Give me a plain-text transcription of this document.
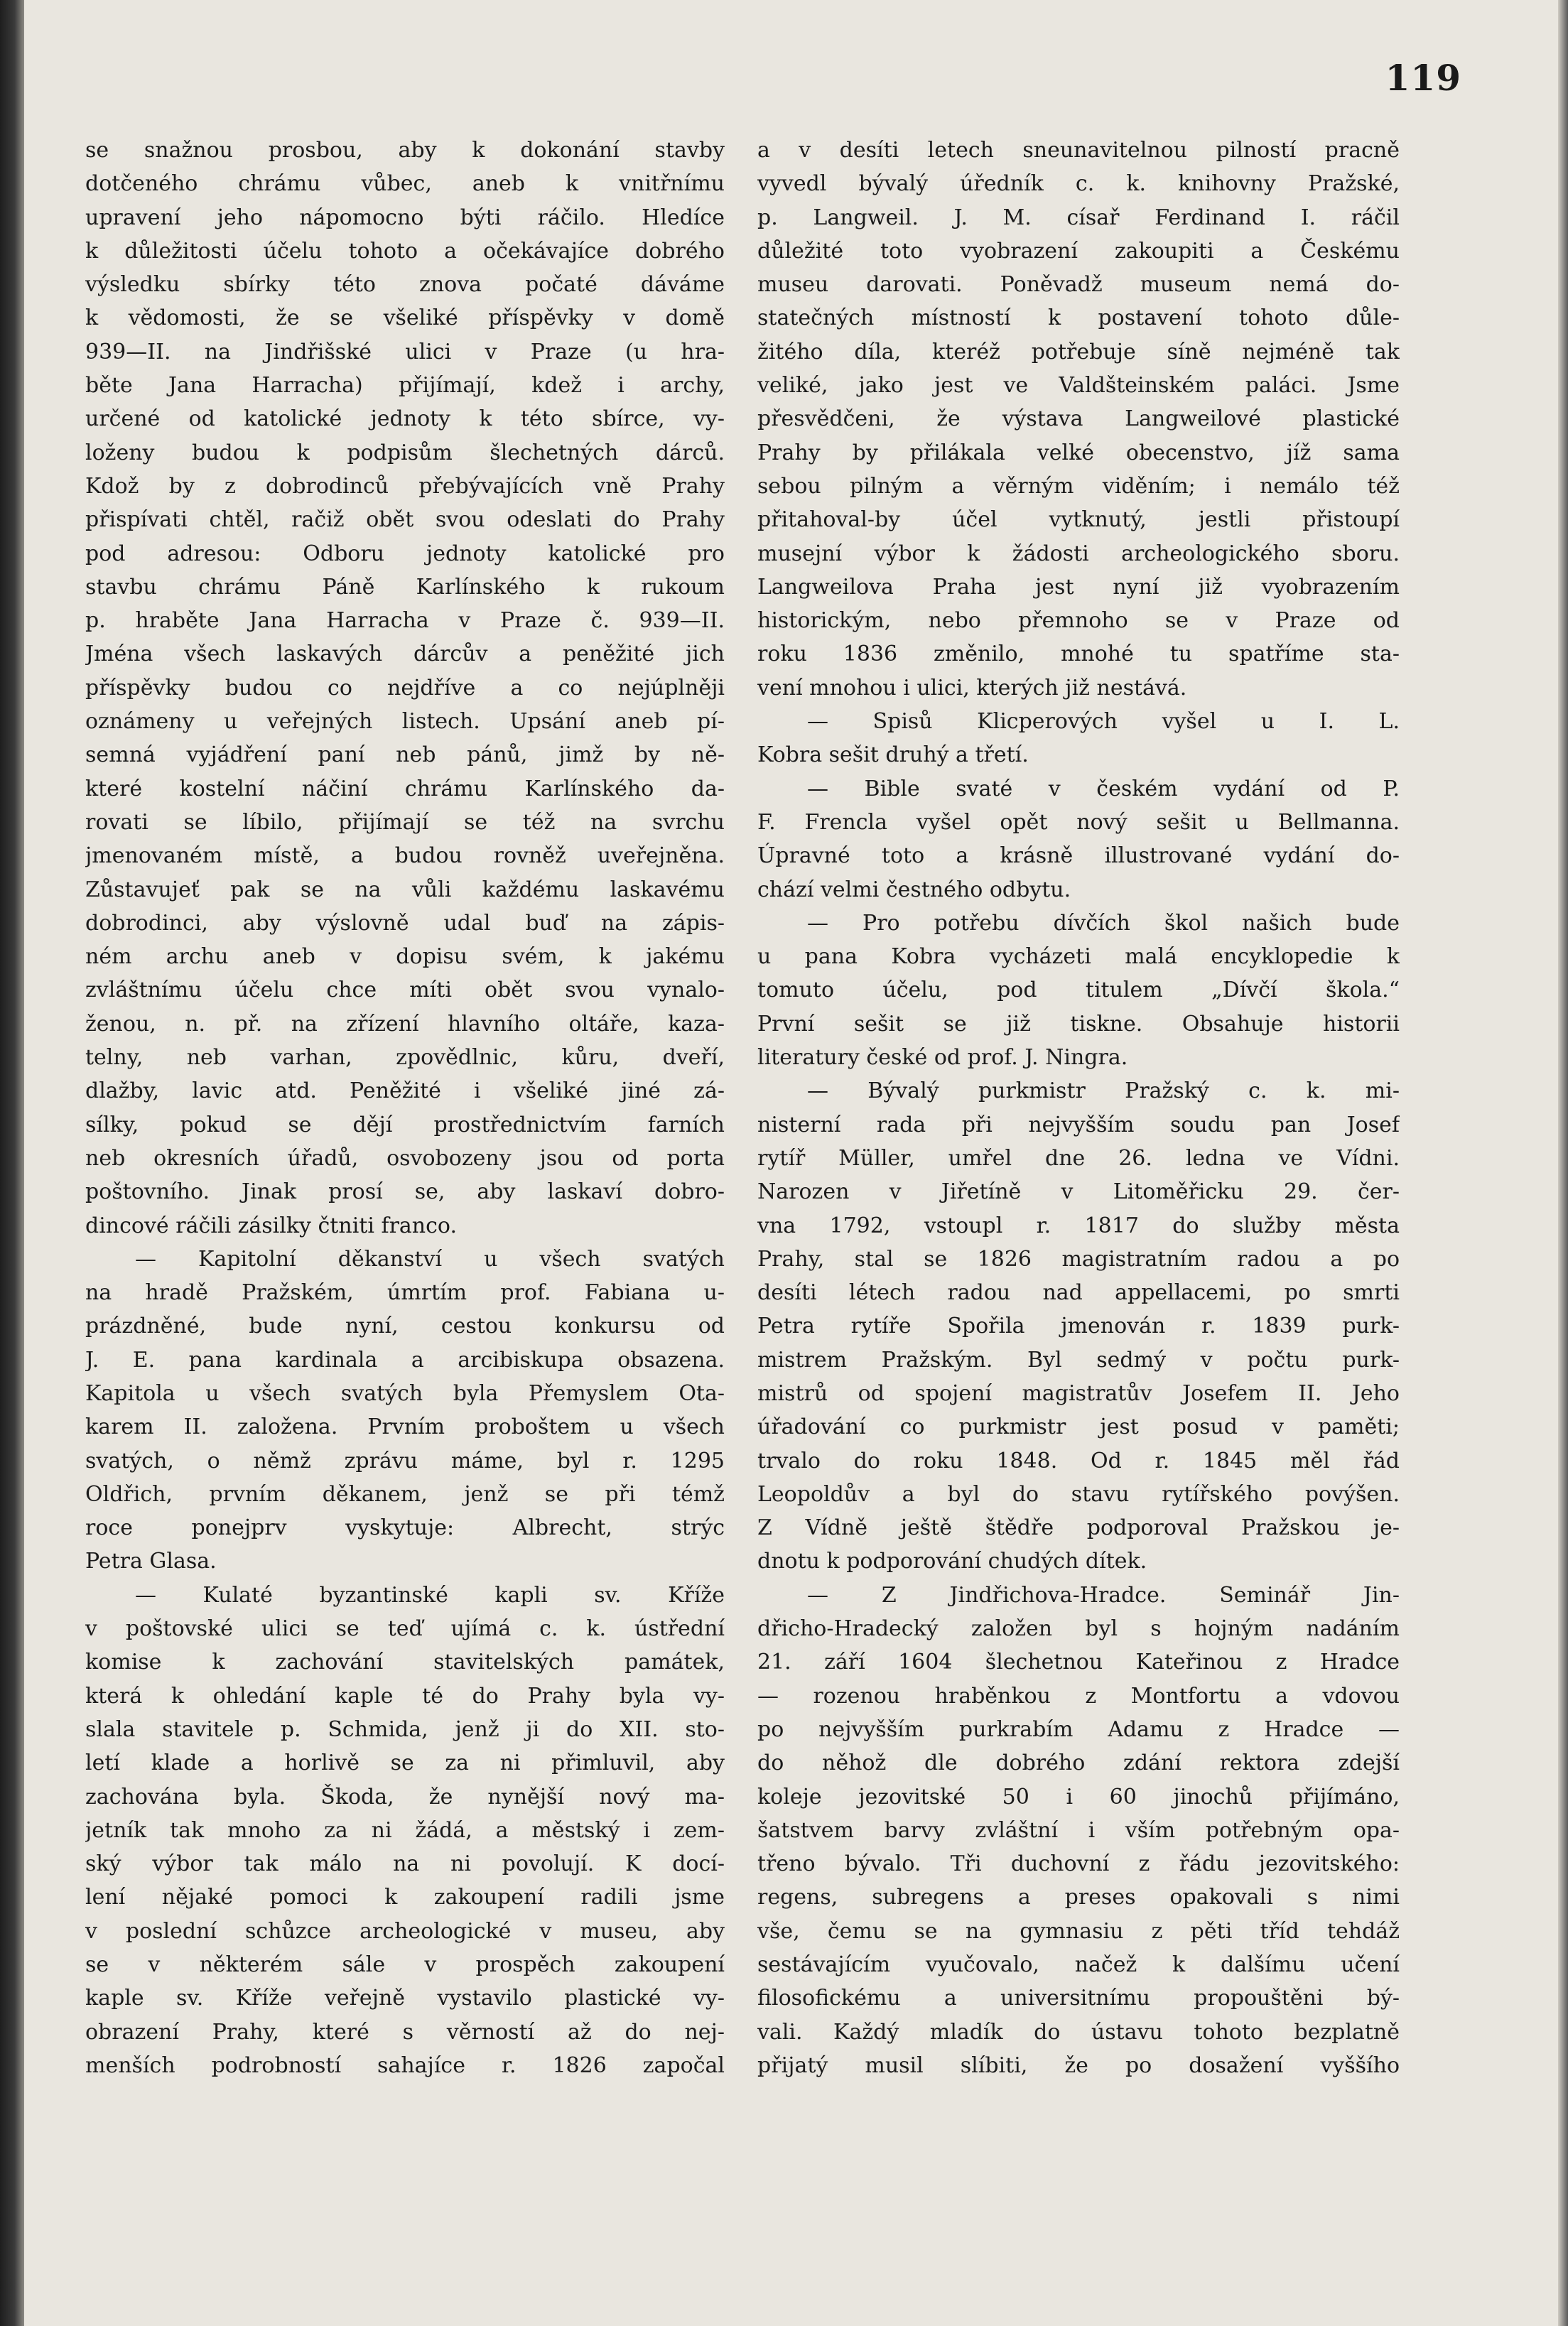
119

se snažnou prosbou, aby k dokonání stavby

dotčeného chrámu vůbec, aneb k vnitřnímu

upravení jeho nápomocno býti ráčilo. Hledíce

k důležitosti účelu tohoto a očekávajíce dobrého

výsledku sbírky této znova počaté dáváme

k vědomosti, že se všeliké příspěvky v domě

939—II. na Jindřišské ulici v Praze (u hra-

běte Jana Harracha) přijímají, kdež i archy,

určené od katolické jednoty k této sbírce, vy-

loženy budou k podpisům šlechetných dárců.

Kdož by z dobrodinců přebývajících vně Prahy

přispívati chtěl, račiž obět svou odeslati do Prahy

pod adresou: Odboru jednoty katolické pro

stavbu chrámu Páně Karlínského k rukoum

p. hraběte Jana Harracha v Praze č. 939—II.

Jména všech laskavých dárcův a peněžité jich

příspěvky budou co nejdříve a co nejúplněji

oznámeny u veřejných listech. Upsání aneb pí-

semná vyjádření paní neb pánů, jimž by ně-

které kostelní náčiní chrámu Karlínského da-

rovati se líbilo, přijímají se též na svrchu

jmenovaném místě, a budou rovněž uveřejněna.

Zůstavujeť pak se na vůli každému laskavému

dobrodinci, aby výslovně udal buď na zápis-

ném archu aneb v dopisu svém, k jakému

zvláštnímu účelu chce míti obět svou vynalo-

ženou, n. př. na zřízení hlavního oltáře, kaza-

telny, neb varhan, zpovědlnic, kůru, dveří,

dlažby, lavic atd. Peněžité i všeliké jiné zá-

sílky, pokud se dějí prostřednictvím farních

neb okresních úřadů, osvobozeny jsou od porta

poštovního. Jinak prosí se, aby laskaví dobro-

dincové ráčili zásilky čtniti franco.

— Kapitolní děkanství u všech svatých

na hradě Pražském, úmrtím prof. Fabiana u-

prázdněné, bude nyní, cestou konkursu od

J. E. pana kardinala a arcibiskupa obsazena.

Kapitola u všech svatých byla Přemyslem Ota-

karem II. založena. Prvním proboštem u všech

svatých, o němž zprávu máme, byl r. 1295

Oldřich, prvním děkanem, jenž se při témž

roce ponejprv vyskytuje: Albrecht, strýc

Petra Glasa.

— Kulaté byzantinské kapli sv. Kříže

v poštovské ulici se teď ujímá c. k. ústřední

komise k zachování stavitelských památek,

která k ohledání kaple té do Prahy byla vy-

slala stavitele p. Schmida, jenž ji do XII. sto-

letí klade a horlivě se za ni přimluvil, aby

zachována byla. Škoda, že nynější nový ma-

jetník tak mnoho za ni žádá, a městský i zem-

ský výbor tak málo na ni povolují. K docí-

lení nějaké pomoci k zakoupení radili jsme

v poslední schůzce archeologické v museu, aby

se v některém sále v prospěch zakoupení

kaple sv. Kříže veřejně vystavilo plastické vy-

obrazení Prahy, které s věrností až do nej-

menších podrobností sahajíce r. 1826 započal

a v desíti letech sneunavitelnou pilností pracně

vyvedl bývalý úředník c. k. knihovny Pražské,

p. Langweil. J. M. císař Ferdinand I. ráčil

důležité toto vyobrazení zakoupiti a Českému

museu darovati. Poněvadž museum nemá do-

statečných místností k postavení tohoto důle-

žitého díla, kteréž potřebuje síně nejméně tak

veliké, jako jest ve Valdšteinském paláci. Jsme

přesvědčeni, že výstava Langweilové plastické

Prahy by přilákala velké obecenstvo, jíž sama

sebou pilným a věrným viděním; i nemálo též

přitahoval-by účel vytknutý, jestli přistoupí

musejní výbor k žádosti archeologického sboru.

Langweilova Praha jest nyní již vyobrazením

historickým, nebo přemnoho se v Praze od

roku 1836 změnilo, mnohé tu spatříme sta-

vení mnohou i ulici, kterých již nestává.

— Spisů Klicperových vyšel u I. L.

Kobra sešit druhý a třetí.

— Bible svaté v českém vydání od P.

F. Frencla vyšel opět nový sešit u Bellmanna.

Úpravné toto a krásně illustrované vydání do-

chází velmi čestného odbytu.

— Pro potřebu dívčích škol našich bude

u pana Kobra vycházeti malá encyklopedie k

tomuto účelu, pod titulem „Dívčí škola.“

První sešit se již tiskne. Obsahuje historii

literatury české od prof. J. Ningra.

— Bývalý purkmistr Pražský c. k. mi-

nisterní rada při nejvyšším soudu pan Josef

rytíř Müller, umřel dne 26. ledna ve Vídni.

Narozen v Jiřetíně v Litoměřicku 29. čer-

vna 1792, vstoupl r. 1817 do služby města

Prahy, stal se 1826 magistratním radou a po

desíti létech radou nad appellacemi, po smrti

Petra rytíře Spořila jmenován r. 1839 purk-

mistrem Pražským. Byl sedmý v počtu purk-

mistrů od spojení magistratův Josefem II. Jeho

úřadování co purkmistr jest posud v paměti;

trvalo do roku 1848. Od r. 1845 měl řád

Leopoldův a byl do stavu rytířského povýšen.

Z Vídně ještě štědře podporoval Pražskou je-

dnotu k podporování chudých dítek.

— Z Jindřichova-Hradce. Seminář Jin-

dřicho-Hradecký založen byl s hojným nadáním

21. září 1604 šlechetnou Kateřinou z Hradce

— rozenou hraběnkou z Montfortu a vdovou

po nejvyšším purkrabím Adamu z Hradce —

do něhož dle dobrého zdání rektora zdejší

koleje jezovitské 50 i 60 jinochů přijímáno,

šatstvem barvy zvláštní i vším potřebným opa-

třeno bývalo. Tři duchovní z řádu jezovitského:

regens, subregens a preses opakovali s nimi

vše, čemu se na gymnasiu z pěti tříd tehdáž

sestávajícím vyučovalo, načež k dalšímu učení

filosofickému a universitnímu propouštěni bý-

vali. Každý mladík do ústavu tohoto bezplatně

přijatý musil slíbiti, že po dosažení vyššího
